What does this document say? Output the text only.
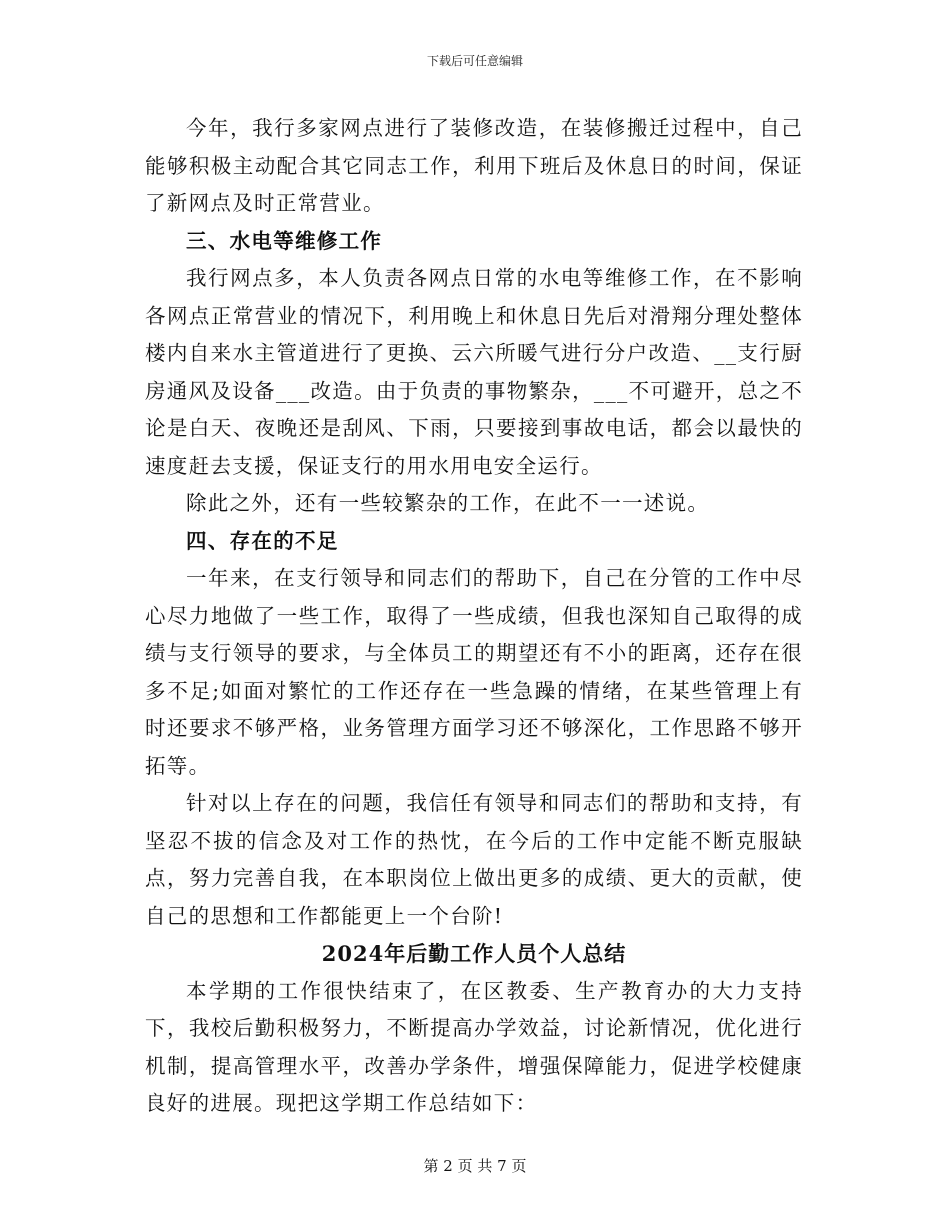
下载后可任意编辑

今年，我行多家网点进行了装修改造，在装修搬迁过程中，自己能够积极主动配合其它同志工作，利用下班后及休息日的时间，保证了新网点及时正常营业。

三、水电等维修工作

我行网点多，本人负责各网点日常的水电等维修工作，在不影响各网点正常营业的情况下，利用晚上和休息日先后对滑翔分理处整体楼内自来水主管道进行了更换、云六所暖气进行分户改造、__支行厨房通风及设备___改造。由于负责的事物繁杂，___不可避开，总之不论是白天、夜晚还是刮风、下雨，只要接到事故电话，都会以最快的速度赶去支援，保证支行的用水用电安全运行。

除此之外，还有一些较繁杂的工作，在此不一一述说。

四、存在的不足

一年来，在支行领导和同志们的帮助下，自己在分管的工作中尽心尽力地做了一些工作，取得了一些成绩，但我也深知自己取得的成绩与支行领导的要求，与全体员工的期望还有不小的距离，还存在很多不足;如面对繁忙的工作还存在一些急躁的情绪，在某些管理上有时还要求不够严格，业务管理方面学习还不够深化，工作思路不够开拓等。

针对以上存在的问题，我信任有领导和同志们的帮助和支持，有坚忍不拔的信念及对工作的热忱，在今后的工作中定能不断克服缺点，努力完善自我，在本职岗位上做出更多的成绩、更大的贡献，使自己的思想和工作都能更上一个台阶!

2024年后勤工作人员个人总结

本学期的工作很快结束了，在区教委、生产教育办的大力支持下，我校后勤积极努力，不断提高办学效益，讨论新情况，优化进行机制，提高管理水平，改善办学条件，增强保障能力，促进学校健康良好的进展。现把这学期工作总结如下：

第 2 页 共 7 页
